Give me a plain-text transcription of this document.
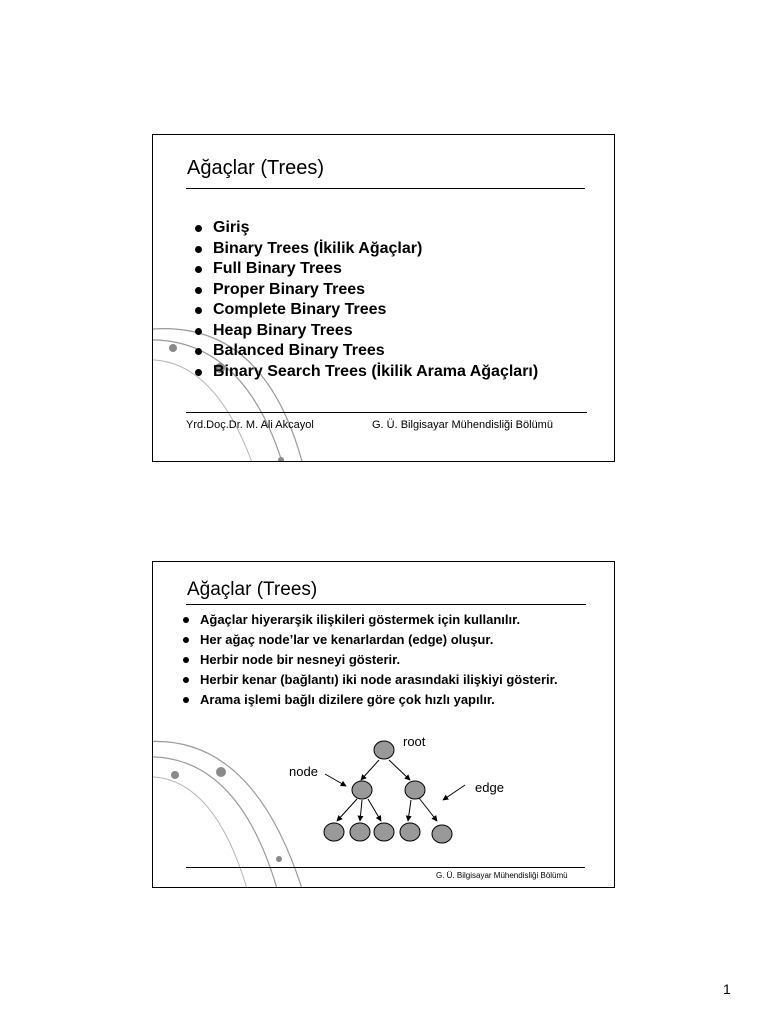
Ağaçlar (Trees)
Giriş
Binary Trees (İkilik Ağaçlar)
Full Binary Trees
Proper Binary Trees
Complete Binary Trees
Heap Binary Trees
Balanced Binary Trees
Binary Search Trees (İkilik Arama Ağaçları)
Yrd.Doç.Dr. M. Ali Akcayol	G. Ü. Bilgisayar Mühendisliği Bölümü
Ağaçlar (Trees)
Ağaçlar hiyerarşik ilişkileri göstermek için kullanılır.
Her ağaç node’lar ve kenarlardan (edge) oluşur.
Herbir node bir nesneyi gösterir.
Herbir kenar (bağlantı) iki node arasındaki ilişkiyi gösterir.
Arama işlemi bağlı dizilere göre çok hızlı yapılır.
root
node
edge
G. Ü. Bilgisayar Mühendisliği Bölümü
1
